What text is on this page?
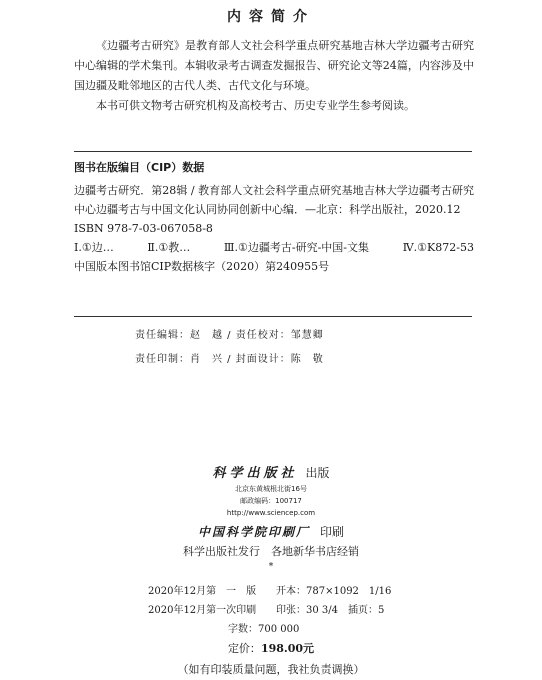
内容简介

《边疆考古研究》是教育部人文社会科学重点研究基地吉林大学边疆考古研究中心编辑的学术集刊。本辑收录考古调查发掘报告、研究论文等24篇，内容涉及中国边疆及毗邻地区的古代人类、古代文化与环境。

本书可供文物考古研究机构及高校考古、历史专业学生参考阅读。

图书在版编目（CIP）数据
边疆考古研究．第28辑 / 教育部人文社会科学重点研究基地吉林大学边疆考古研究中心边疆考古与中国文化认同协同创新中心编．—北京：科学出版社，2020.12
ISBN 978-7-03-067058-8
Ⅰ.①边…	Ⅱ.①教…	Ⅲ.①边疆考古-研究-中国-文集	Ⅳ.①K872-53
中国版本图书馆CIP数据核字（2020）第240955号
责任编辑：赵　越 / 责任校对：邹慧卿
责任印制：肖　兴 / 封面设计：陈　敬
科学出版社 出版
北京东黄城根北街16号
邮政编码：100717
http://www.sciencep.com
中国科学院印刷厂 印刷
科学出版社发行　各地新华书店经销
*
2020年12月第　一　版 开本：787×1092　1/16

2020年12月第一次印刷 印张：30 3/4　插页：5

字数：700 000

定价：198.00元
（如有印装质量问题，我社负责调换）
